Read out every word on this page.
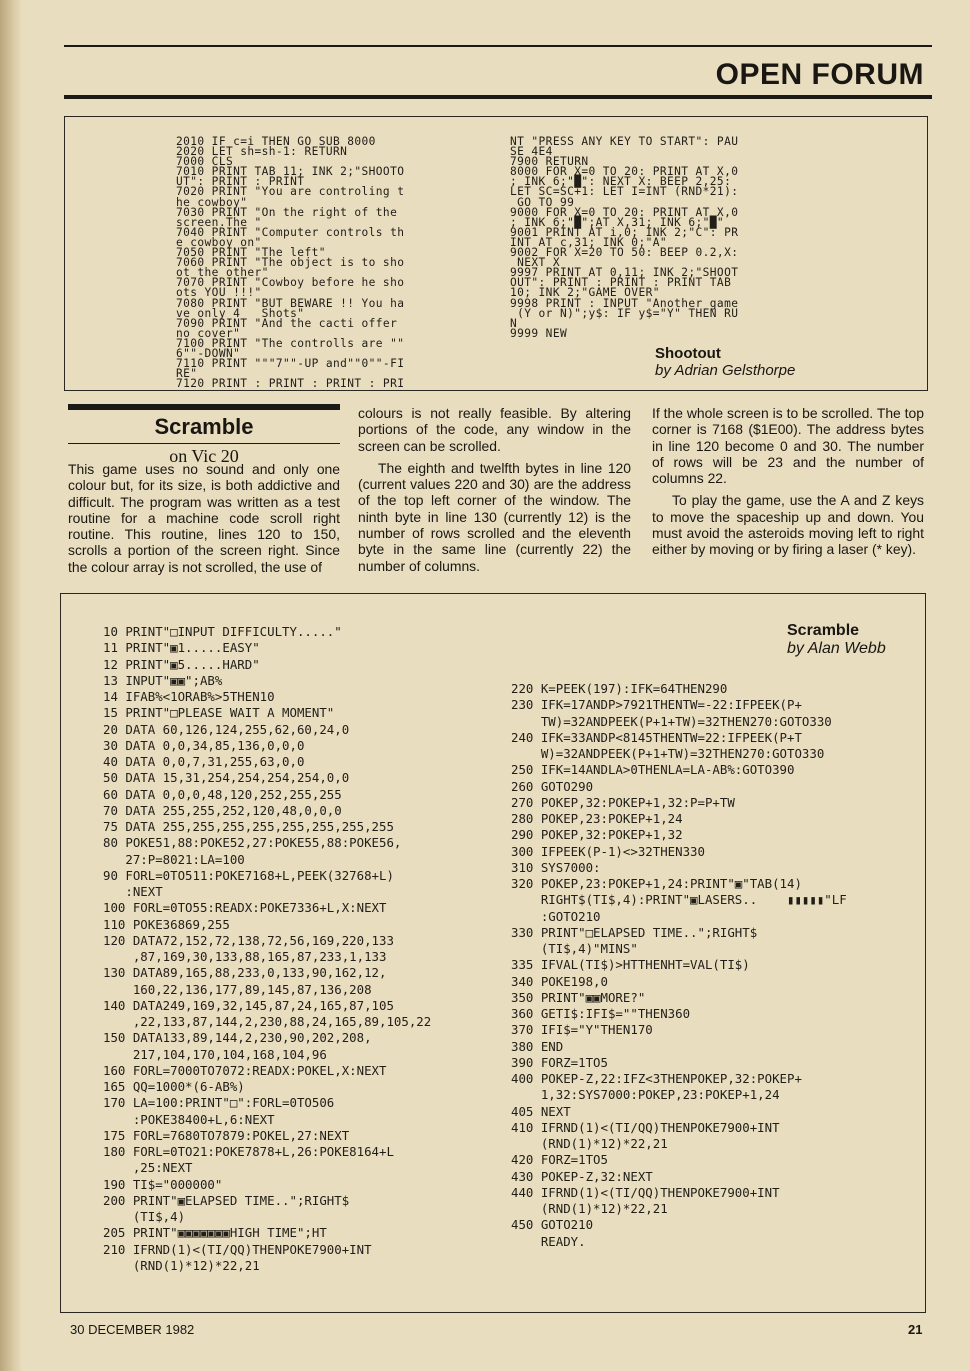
OPEN FORUM
2010 IF c=i THEN GO SUB 8000
2020 LET sh=sh-1: RETURN
7000 CLS
7010 PRINT TAB 11; INK 2;"SHOOTO
UT": PRINT : PRINT
7020 PRINT "You are controling t
he cowboy"
7030 PRINT "On the right of the
screen.The "
7040 PRINT "Computer controls th
e cowboy on"
7050 PRINT "The left"
7060 PRINT "The object is to sho
ot the other"
7070 PRINT "Cowboy before he sho
ots YOU !!!"
7080 PRINT "BUT BEWARE !! You ha
ve only 4   Shots"
7090 PRINT "And the cacti offer
no cover"
7100 PRINT "The controlls are ""
6""-DOWN"
7110 PRINT """7""-UP and""0""-FI
RE"
7120 PRINT : PRINT : PRINT : PRI
NT "PRESS ANY KEY TO START": PAU
SE 4E4
7900 RETURN
8000 FOR X=0 TO 20: PRINT AT X,0
; INK 6;"█": NEXT X: BEEP 2,25:
LET SC=SC+1: LET I=INT (RND*21):
GO TO 99
9000 FOR X=0 TO 20: PRINT AT X,0
; INK 6;"█";AT X,31; INK 6;"█"
9001 PRINT AT i,0; INK 2;"C": PR
INT AT c,31; INK 0;"A"
9002 FOR X=20 TO 50: BEEP 0.2,X:
NEXT X
9997 PRINT AT 0,11; INK 2;"SHOOT
OUT": PRINT : PRINT : PRINT TAB
10; INK 2;"GAME OVER"
9998 PRINT : INPUT "Another game
(Y or N)";y$: IF y$="Y" THEN RU
N
9999 NEW
Shootout
by Adrian Gelsthorpe
Scramble
on Vic 20

This game uses no sound and only one colour but, for its size, is both addictive and difficult. The program was written as a test routine for a machine code scroll right routine. This routine, lines 120 to 150, scrolls a portion of the screen right. Since the colour array is not scrolled, the use of

colours is not really feasible. By altering portions of the code, any window in the screen can be scrolled.

The eighth and twelfth bytes in line 120 (current values 220 and 30) are the address of the top left corner of the window. The ninth byte in line 130 (currently 12) is the number of rows scrolled and the eleventh byte in the same line (currently 22) the number of columns.

If the whole screen is to be scrolled. The top corner is 7168 ($1E00). The address bytes in line 120 become 0 and 30. The number of rows will be 23 and the number of columns 22.

To play the game, use the A and Z keys to move the spaceship up and down. You must avoid the asteroids moving left to right either by moving or by firing a laser (* key).

10 PRINT"□INPUT DIFFICULTY....."
11 PRINT"▣1.....EASY"
12 PRINT"▣5.....HARD"
13 INPUT"▣▣";AB%
14 IFAB%<1ORAB%>5THEN10
15 PRINT"□PLEASE WAIT A MOMENT"
20 DATA 60,126,124,255,62,60,24,0
30 DATA 0,0,34,85,136,0,0,0
40 DATA 0,0,7,31,255,63,0,0
50 DATA 15,31,254,254,254,254,0,0
60 DATA 0,0,0,48,120,252,255,255
70 DATA 255,255,252,120,48,0,0,0
75 DATA 255,255,255,255,255,255,255,255
80 POKE51,88:POKE52,27:POKE55,88:POKE56,
27:P=8021:LA=100
90 FORL=0TO511:POKE7168+L,PEEK(32768+L)
:NEXT
100 FORL=0TO55:READX:POKE7336+L,X:NEXT
110 POKE36869,255
120 DATA72,152,72,138,72,56,169,220,133
,87,169,30,133,88,165,87,233,1,133
130 DATA89,165,88,233,0,133,90,162,12,
160,22,136,177,89,145,87,136,208
140 DATA249,169,32,145,87,24,165,87,105
,22,133,87,144,2,230,88,24,165,89,105,22
150 DATA133,89,144,2,230,90,202,208,
217,104,170,104,168,104,96
160 FORL=7000TO7072:READX:POKEL,X:NEXT
165 QQ=1000*(6-AB%)
170 LA=100:PRINT"□":FORL=0TO506
:POKE38400+L,6:NEXT
175 FORL=7680TO7879:POKEL,27:NEXT
180 FORL=0TO21:POKE7878+L,26:POKE8164+L
,25:NEXT
190 TI$="000000"
200 PRINT"▣ELAPSED TIME..";RIGHT$
(TI$,4)
205 PRINT"▣▣▣▣▣▣▣HIGH TIME";HT
210 IFRND(1)<(TI/QQ)THENPOKE7900+INT
(RND(1)*12)*22,21
220 K=PEEK(197):IFK=64THEN290
230 IFK=17ANDP>7921THENTW=-22:IFPEEK(P+
TW)=32ANDPEEK(P+1+TW)=32THEN270:GOTO330
240 IFK=33ANDP<8145THENTW=22:IFPEEK(P+T
W)=32ANDPEEK(P+1+TW)=32THEN270:GOTO330
250 IFK=14ANDLA>0THENLA=LA-AB%:GOTO390
260 GOTO290
270 POKEP,32:POKEP+1,32:P=P+TW
280 POKEP,23:POKEP+1,24
290 POKEP,32:POKEP+1,32
300 IFPEEK(P-1)<>32THEN330
310 SYS7000:
320 POKEP,23:POKEP+1,24:PRINT"▣"TAB(14)
RIGHT$(TI$,4):PRINT"▣LASERS..    ▮▮▮▮▮"LF
:GOTO210
330 PRINT"□ELAPSED TIME..";RIGHT$
(TI$,4)"MINS"
335 IFVAL(TI$)>HTTHENHT=VAL(TI$)
340 POKE198,0
350 PRINT"▣▣MORE?"
360 GETI$:IFI$=""THEN360
370 IFI$="Y"THEN170
380 END
390 FORZ=1TO5
400 POKEP-Z,22:IFZ<3THENPOKEP,32:POKEP+
1,32:SYS7000:POKEP,23:POKEP+1,24
405 NEXT
410 IFRND(1)<(TI/QQ)THENPOKE7900+INT
(RND(1)*12)*22,21
420 FORZ=1TO5
430 POKEP-Z,32:NEXT
440 IFRND(1)<(TI/QQ)THENPOKE7900+INT
(RND(1)*12)*22,21
450 GOTO210
READY.
Scramble
by Alan Webb
30 DECEMBER 1982	21
